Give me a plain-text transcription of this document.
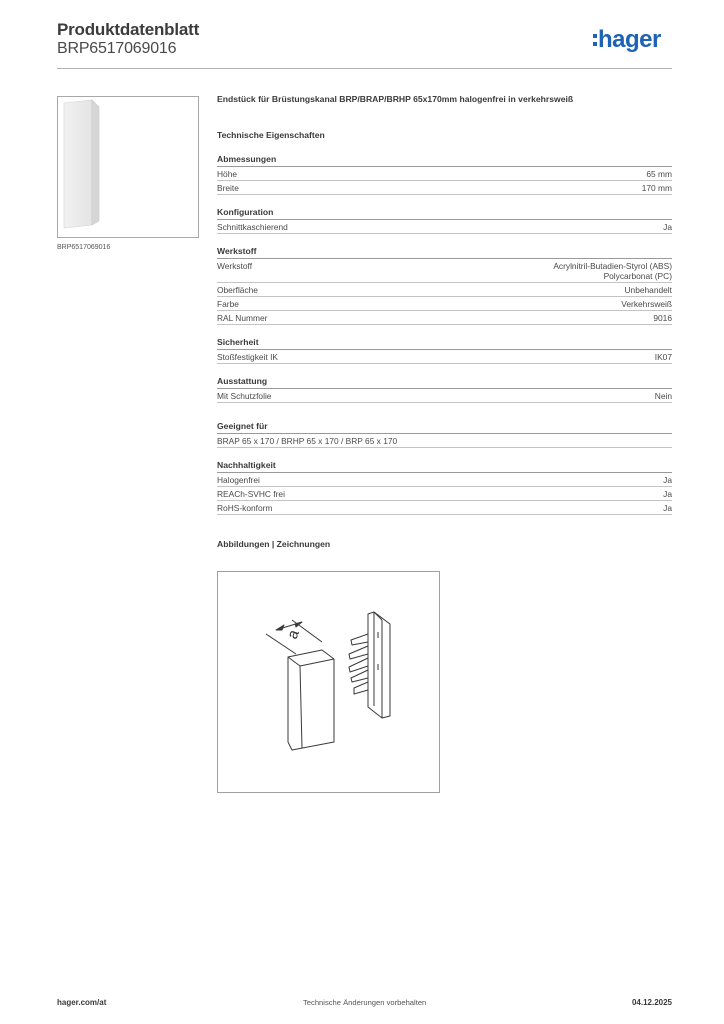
Produktdatenblatt
BRP6517069016	hager
BRP6517069016
Endstück für Brüstungskanal BRP/BRAP/BRHP 65x170mm halogenfrei in verkehrsweiß
Technische Eigenschaften
Abmessungen
Höhe	65 mm
Breite	170 mm
Konfiguration
Schnittkaschierend	Ja
Werkstoff
Werkstoff	Acrylnitril-Butadien-Styrol (ABS)
Polycarbonat (PC)
Oberfläche	Unbehandelt
Farbe	Verkehrsweiß
RAL Nummer	9016
Sicherheit
Stoßfestigkeit IK	IK07
Ausstattung
Mit Schutzfolie	Nein
Geeignet für
BRAP 65 x 170 / BRHP 65 x 170 / BRP 65 x 170
Nachhaltigkeit
Halogenfrei	Ja
REACh-SVHC frei	Ja
RoHS-konform	Ja
Abbildungen | Zeichnungen
a
hager.com/at	Technische Änderungen vorbehalten	04.12.2025
